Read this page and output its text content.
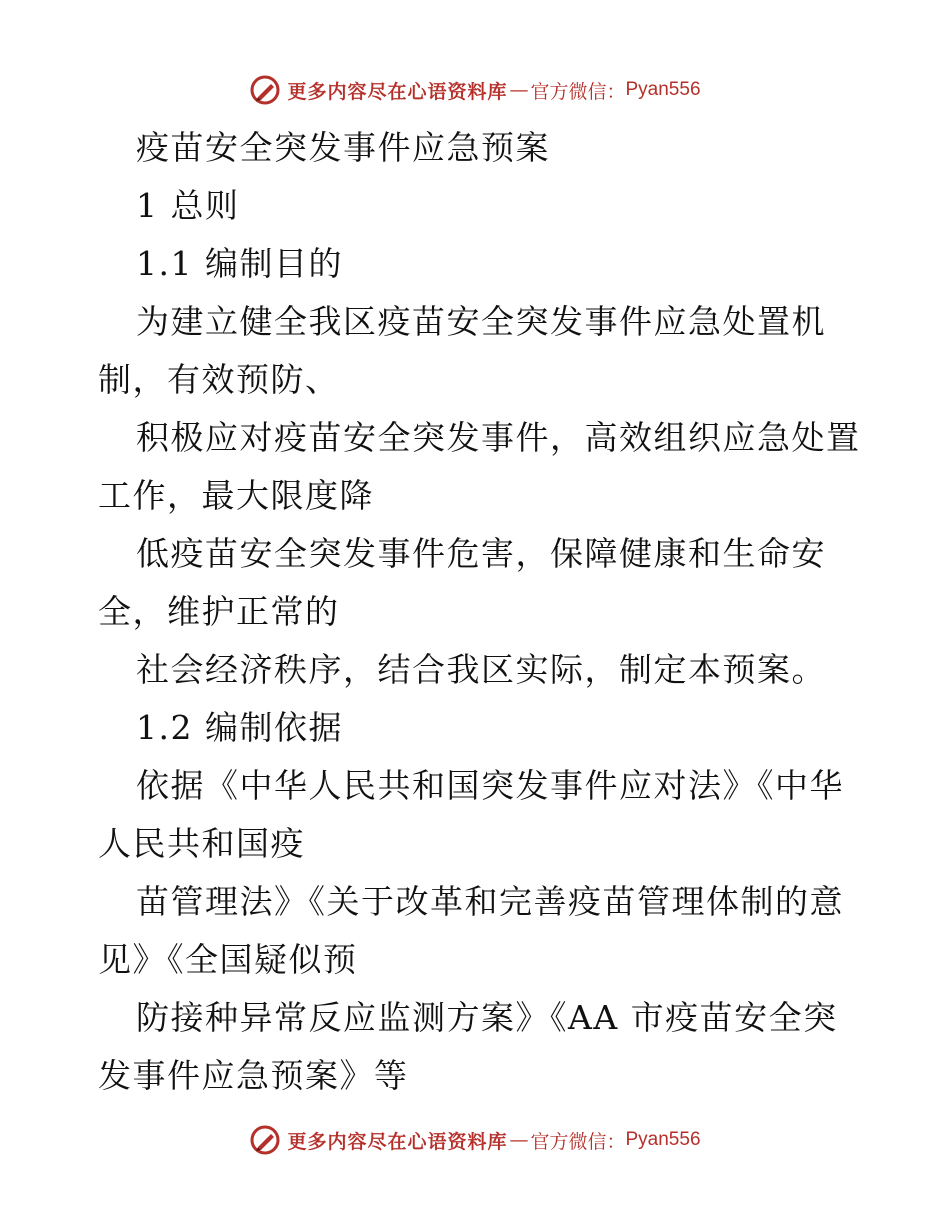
更多内容尽在心语资料库 — 官方微信： Pyan556
疫苗安全突发事件应急预案
1 总则
1.1 编制目的
为建立健全我区疫苗安全突发事件应急处置机
制，有效预防、
积极应对疫苗安全突发事件，高效组织应急处置
工作，最大限度降
低疫苗安全突发事件危害，保障健康和生命安
全，维护正常的
社会经济秩序，结合我区实际，制定本预案。
1.2 编制依据
依据《中华人民共和国突发事件应对法》《中华
人民共和国疫
苗管理法》《关于改革和完善疫苗管理体制的意
见》《全国疑似预
防接种异常反应监测方案》《AA 市疫苗安全突
发事件应急预案》等
更多内容尽在心语资料库 — 官方微信： Pyan556
